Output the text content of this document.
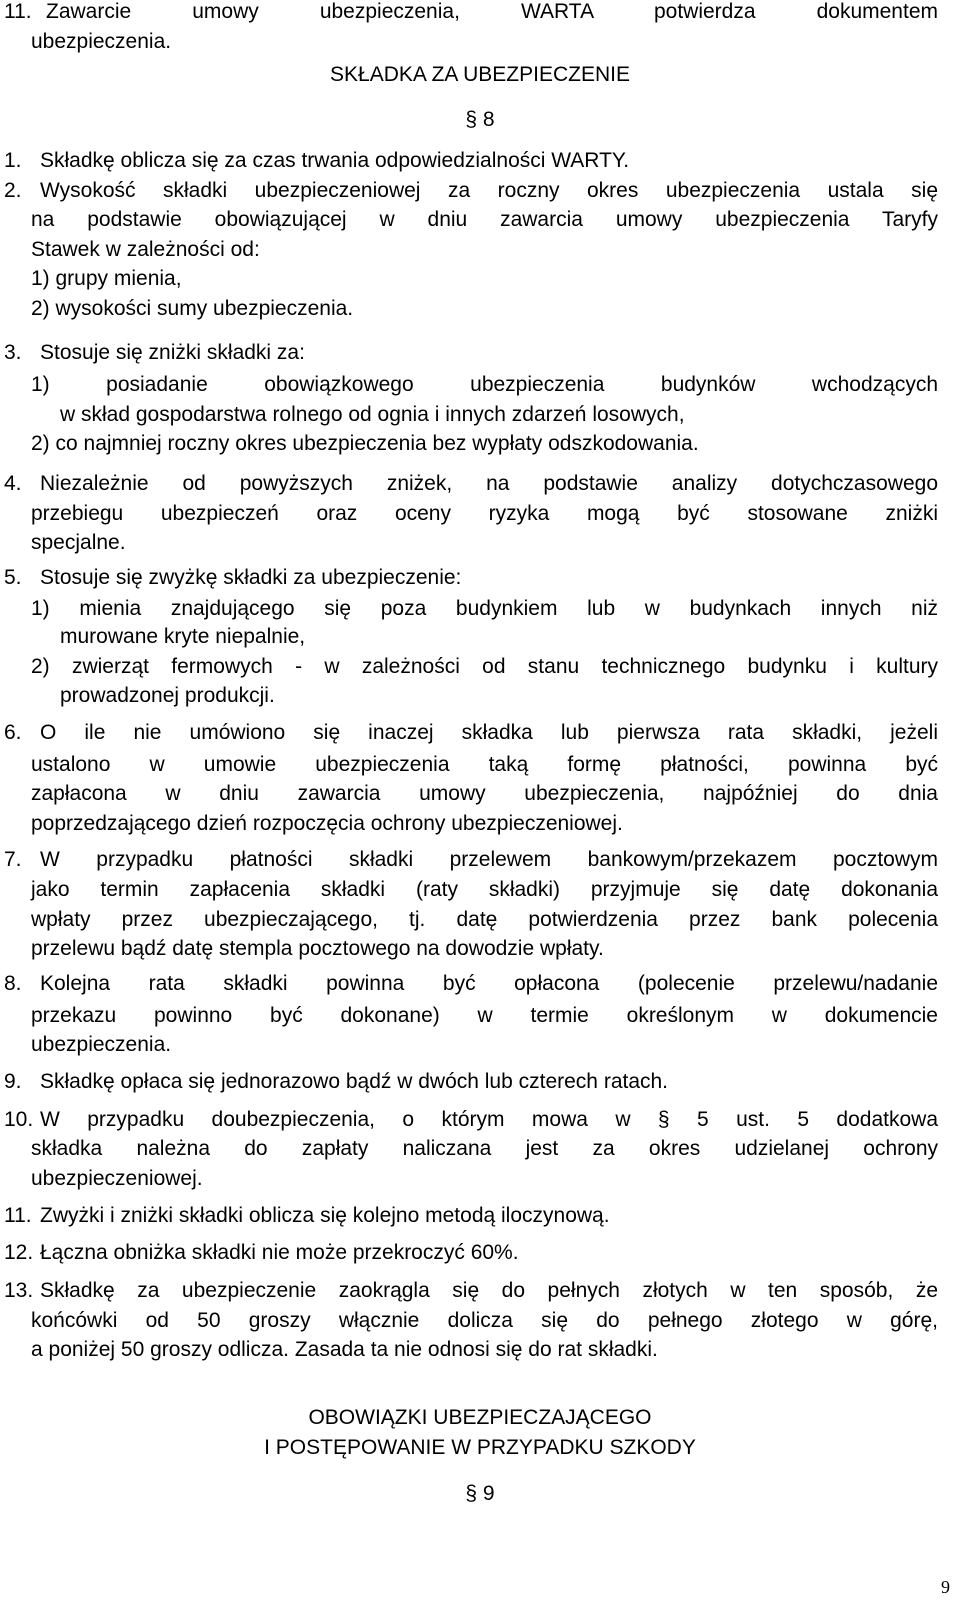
11. Zawarcie umowy ubezpieczenia, WARTA potwierdza dokumentem
ubezpieczenia.
SKŁADKA ZA UBEZPIECZENIE
§ 8
1. Składkę oblicza się za czas trwania odpowiedzialności WARTY.
2. Wysokość składki ubezpieczeniowej za roczny okres ubezpieczenia ustala się
na podstawie obowiązującej w dniu zawarcia umowy ubezpieczenia Taryfy
Stawek w zależności od:
1) grupy mienia,
2) wysokości sumy ubezpieczenia.
3. Stosuje się zniżki składki za:
1) posiadanie obowiązkowego ubezpieczenia budynków wchodzących
w skład gospodarstwa rolnego od ognia i innych zdarzeń losowych,
2) co najmniej roczny okres ubezpieczenia bez wypłaty odszkodowania.
4. Niezależnie od powyższych zniżek, na podstawie analizy dotychczasowego
przebiegu ubezpieczeń oraz oceny ryzyka mogą być stosowane zniżki
specjalne.
5. Stosuje się zwyżkę składki za ubezpieczenie:
1) mienia znajdującego się poza budynkiem lub w budynkach innych niż
murowane kryte niepalnie,
2) zwierząt fermowych - w zależności od stanu technicznego budynku i kultury
prowadzonej produkcji.
6. O ile nie umówiono się inaczej składka lub pierwsza rata składki, jeżeli
ustalono w umowie ubezpieczenia taką formę płatności, powinna być
zapłacona w dniu zawarcia umowy ubezpieczenia, najpóźniej do dnia
poprzedzającego dzień rozpoczęcia ochrony ubezpieczeniowej.
7. W przypadku płatności składki przelewem bankowym/przekazem pocztowym
jako termin zapłacenia składki (raty składki) przyjmuje się datę dokonania
wpłaty przez ubezpieczającego, tj. datę potwierdzenia przez bank polecenia
przelewu bądź datę stempla pocztowego na dowodzie wpłaty.
8. Kolejna rata składki powinna być opłacona (polecenie przelewu/nadanie
przekazu powinno być dokonane) w termie określonym w dokumencie
ubezpieczenia.
9. Składkę opłaca się jednorazowo bądź w dwóch lub czterech ratach.
10. W przypadku doubezpieczenia, o którym mowa w § 5 ust. 5 dodatkowa
składka należna do zapłaty naliczana jest za okres udzielanej ochrony
ubezpieczeniowej.
11. Zwyżki i zniżki składki oblicza się kolejno metodą iloczynową.
12. Łączna obniżka składki nie może przekroczyć 60%.
13. Składkę za ubezpieczenie zaokrągla się do pełnych złotych w ten sposób, że
końcówki od 50 groszy włącznie dolicza się do pełnego złotego w górę,
a poniżej 50 groszy odlicza. Zasada ta nie odnosi się do rat składki.
OBOWIĄZKI UBEZPIECZAJĄCEGO
I POSTĘPOWANIE W PRZYPADKU SZKODY
§ 9
9
